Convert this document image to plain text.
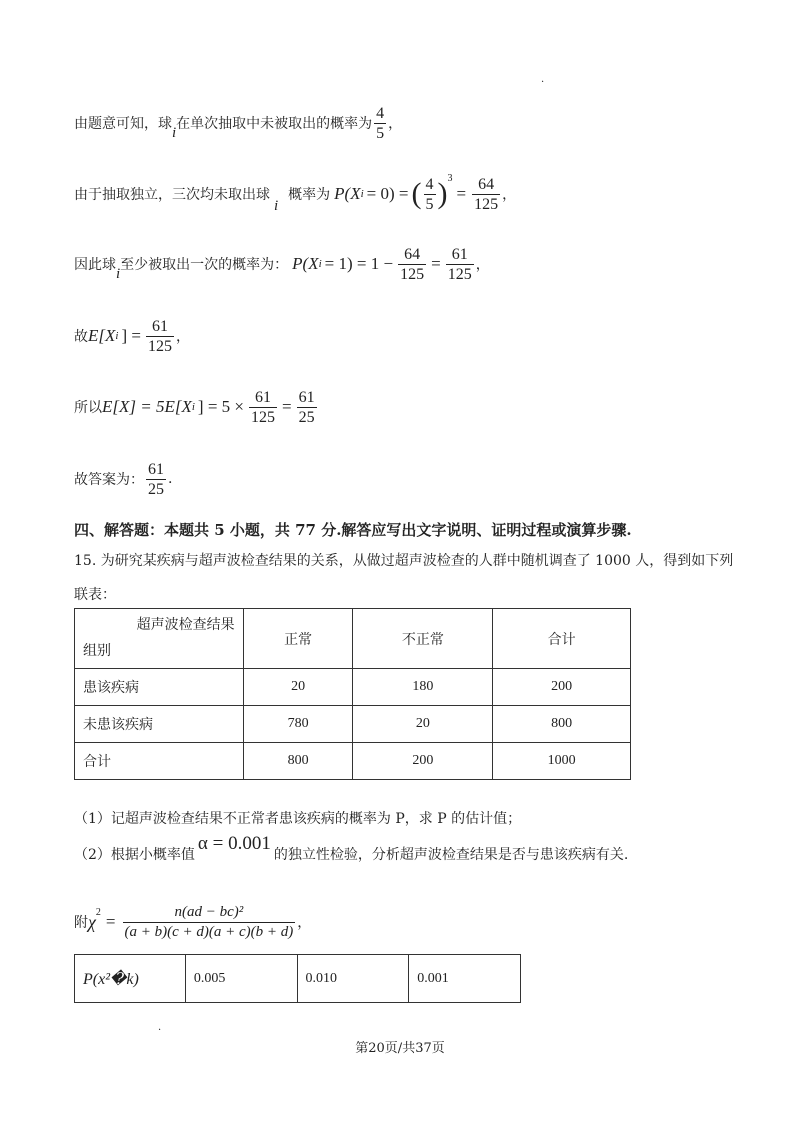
.
由题意可知，球
i
在单次抽取中未被取出的概率为 $\frac{4}{5}$ ，
由于抽取独立，三次均未取出球
i
概率为 P(X i = 0) = ( $\frac{4}{5}$ ) 3
= $\frac{64}{125}$ ，
因此球
i
至少被取出一次的概率为： P(X $i = 1) = 1 - \frac{64}{125} = \frac{61}{125}$ ，
故 E[X i ] = $\frac{61}{125}$ ，
所以 E[X] = 5E[X i ] = $5 \times \frac{61}{125} = \frac{61}{25}$
故答案为： $\frac{61}{25}$ .
四、解答题：本题共 5 小题，共 77 分.解答应写出文字说明、证明过程或演算步骤.
15. 为研究某疾病与超声波检查结果的关系，从做过超声波检查的人群中随机调查了 1000 人，得到如下列
联表：
超声波检查结果
组别	正常	不正常	合计
患该疾病	20	180	200
未患该疾病	780	20	800
合计	800	200	1000
（1）记超声波检查结果不正常者患该疾病的概率为 P，求 P 的估计值；
（2）根据小概率值
α = 0.001
的独立性检验，分析超声波检查结果是否与患该疾病有关.
附 χ $2 = \frac{\text{n(ad − bc)²}}{(a + b)(c + d)(a + c)(b + d)}$ ，
P(x²�k)	0.005	0.010	0.001
.
第20页/共37页
